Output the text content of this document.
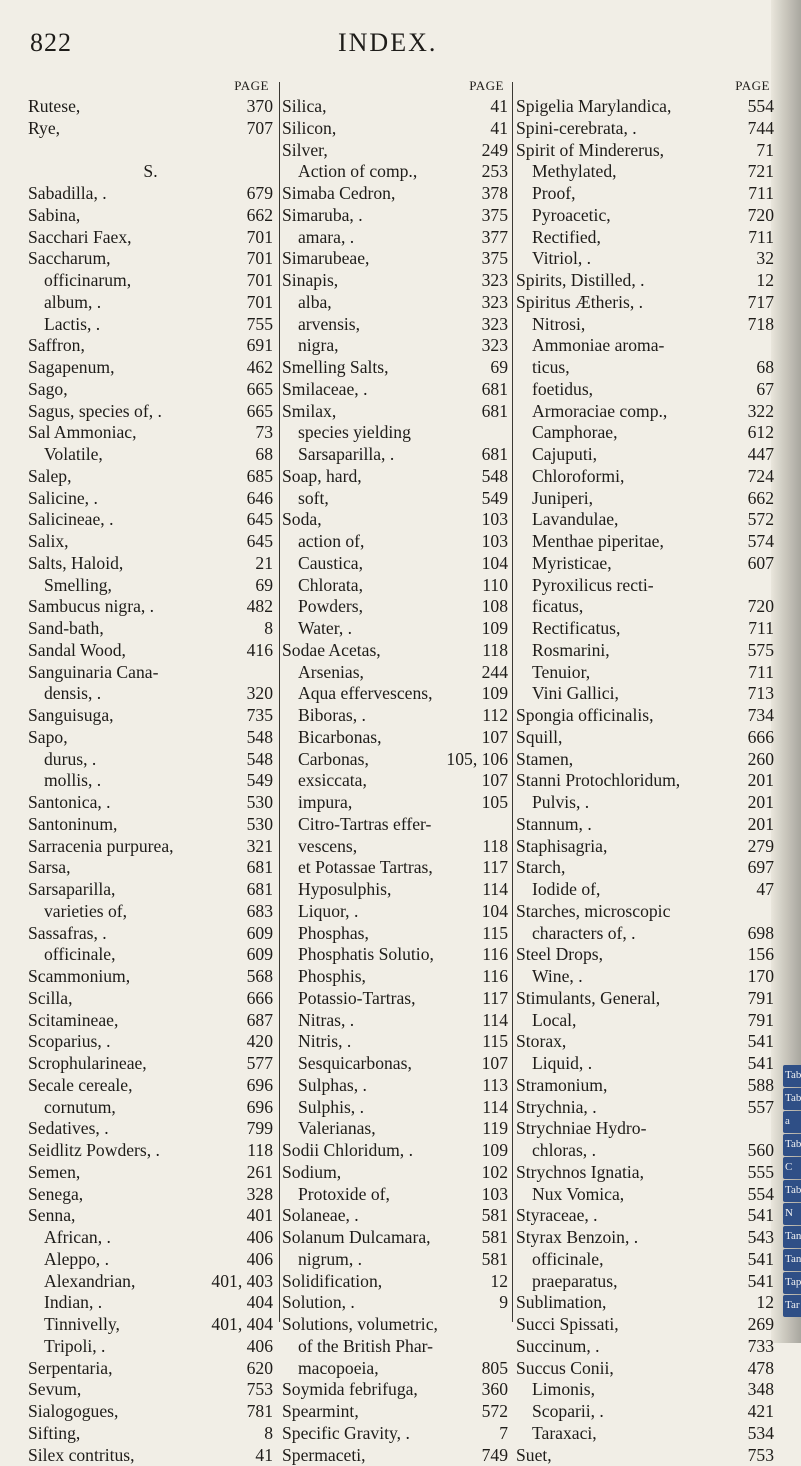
Tab
Tab
a
Tab
C
Tab
N
Tan
Tan
Tap
Tar
822	INDEX.
PAGE
Rutese,	370
Rye,	707
S.
Sabadilla, .	679
Sabina,	662
Sacchari Faex,	701
Saccharum,	701
officinarum,	701
album, .	701
Lactis, .	755
Saffron,	691
Sagapenum,	462
Sago,	665
Sagus, species of, .	665
Sal Ammoniac,	73
Volatile,	68
Salep,	685
Salicine, .	646
Salicineae, .	645
Salix,	645
Salts, Haloid,	21
Smelling,	69
Sambucus nigra, .	482
Sand-bath,	8
Sandal Wood,	416
Sanguinaria Cana-
densis, .	320
Sanguisuga,	735
Sapo,	548
durus, .	548
mollis, .	549
Santonica, .	530
Santoninum,	530
Sarracenia purpurea,	321
Sarsa,	681
Sarsaparilla,	681
varieties of,	683
Sassafras, .	609
officinale,	609
Scammonium,	568
Scilla,	666
Scitamineae,	687
Scoparius, .	420
Scrophularineae,	577
Secale cereale,	696
cornutum,	696
Sedatives, .	799
Seidlitz Powders, .	118
Semen,	261
Senega,	328
Senna,	401
African, .	406
Aleppo, .	406
Alexandrian,	401, 403
Indian, .	404
Tinnivelly,	401, 404
Tripoli, .	406
Serpentaria,	620
Sevum,	753
Sialogogues,	781
Sifting,	8
Silex contritus,	41
PAGE
Silica,	41
Silicon,	41
Silver,	249
Action of comp.,	253
Simaba Cedron,	378
Simaruba, .	375
amara, .	377
Simarubeae,	375
Sinapis,	323
alba,	323
arvensis,	323
nigra,	323
Smelling Salts,	69
Smilaceae, .	681
Smilax,	681
species yielding
Sarsaparilla, .	681
Soap, hard,	548
soft,	549
Soda,	103
action of,	103
Caustica,	104
Chlorata,	110
Powders,	108
Water, .	109
Sodae Acetas,	118
Arsenias,	244
Aqua effervescens,	109
Biboras, .	112
Bicarbonas,	107
Carbonas,	105, 106
exsiccata,	107
impura,	105
Citro-Tartras effer-
vescens,	118
et Potassae Tartras,	117
Hyposulphis,	114
Liquor, .	104
Phosphas,	115
Phosphatis Solutio,	116
Phosphis,	116
Potassio-Tartras,	117
Nitras, .	114
Nitris, .	115
Sesquicarbonas,	107
Sulphas, .	113
Sulphis, .	114
Valerianas,	119
Sodii Chloridum, .	109
Sodium,	102
Protoxide of,	103
Solaneae, .	581
Solanum Dulcamara,	581
nigrum, .	581
Solidification,	12
Solution, .	9
Solutions, volumetric,
of the British Phar-
macopoeia,	805
Soymida febrifuga,	360
Spearmint,	572
Specific Gravity, .	7
Spermaceti,	749
PAGE
Spigelia Marylandica,	554
Spini-cerebrata, .	744
Spirit of Mindererus,	71
Methylated,	721
Proof,	711
Pyroacetic,	720
Rectified,	711
Vitriol, .	32
Spirits, Distilled, .	12
Spiritus Ætheris, .	717
Nitrosi,	718
Ammoniae aroma-
ticus,	68
foetidus,	67
Armoraciae comp.,	322
Camphorae,	612
Cajuputi,	447
Chloroformi,	724
Juniperi,	662
Lavandulae,	572
Menthae piperitae,	574
Myristicae,	607
Pyroxilicus recti-
ficatus,	720
Rectificatus,	711
Rosmarini,	575
Tenuior,	711
Vini Gallici,	713
Spongia officinalis,	734
Squill,	666
Stamen,	260
Stanni Protochloridum,	201
Pulvis, .	201
Stannum, .	201
Staphisagria,	279
Starch,	697
Iodide of,	47
Starches, microscopic
characters of, .	698
Steel Drops,	156
Wine, .	170
Stimulants, General,	791
Local,	791
Storax,	541
Liquid, .	541
Stramonium,	588
Strychnia, .	557
Strychniae Hydro-
chloras, .	560
Strychnos Ignatia,	555
Nux Vomica,	554
Styraceae, .	541
Styrax Benzoin, .	543
officinale,	541
praeparatus,	541
Sublimation,	12
Succi Spissati,	269
Succinum, .	733
Succus Conii,	478
Limonis,	348
Scoparii, .	421
Taraxaci,	534
Suet,	753
